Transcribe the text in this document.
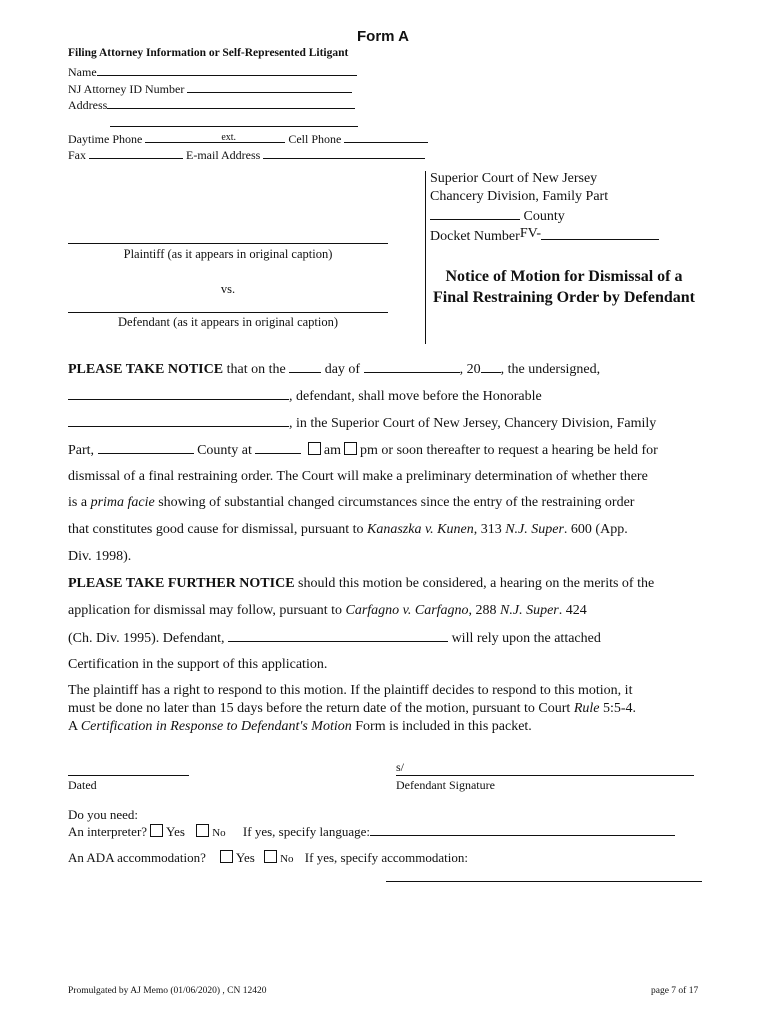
Form A
Filing Attorney Information or Self-Represented Litigant
Name
NJ Attorney ID Number
Address
Daytime Phone	ext.	Cell Phone
Fax	E-mail Address
Superior Court of New Jersey
Chancery Division, Family Part
County
Docket NumberFV-
Plaintiff (as it appears in original caption)
vs.
Defendant (as it appears in original caption)
Notice of Motion for Dismissal of a Final Restraining Order by Defendant
PLEASE TAKE NOTICE that on the  day of	, 20 , the undersigned,
, defendant, shall move before the Honorable
, in the Superior Court of New Jersey, Chancery Division, Family
Part,	County at	am pm or soon thereafter to request a hearing be held for
dismissal of a final restraining order. The Court will make a preliminary determination of whether there
is a prima facie showing of substantial changed circumstances since the entry of the restraining order
that constitutes good cause for dismissal, pursuant to Kanaszka v. Kunen, 313 N.J. Super. 600 (App.
Div. 1998).
PLEASE TAKE FURTHER NOTICE should this motion be considered, a hearing on the merits of the
application for dismissal may follow, pursuant to Carfagno v. Carfagno, 288 N.J. Super. 424
(Ch. Div. 1995). Defendant,	will rely upon the attached
Certification in the support of this application.
The plaintiff has a right to respond to this motion. If the plaintiff decides to respond to this motion, it
must be done no later than 15 days before the return date of the motion, pursuant to Court Rule 5:5-4.
A Certification in Response to Defendant's Motion Form is included in this packet.
Dated
s/
Defendant Signature
Do you need:
An interpreter? Yes No If yes, specify language:
An ADA accommodation? Yes No If yes, specify accommodation:
Promulgated by AJ Memo (01/06/2020) , CN 12420	page 7 of 17
